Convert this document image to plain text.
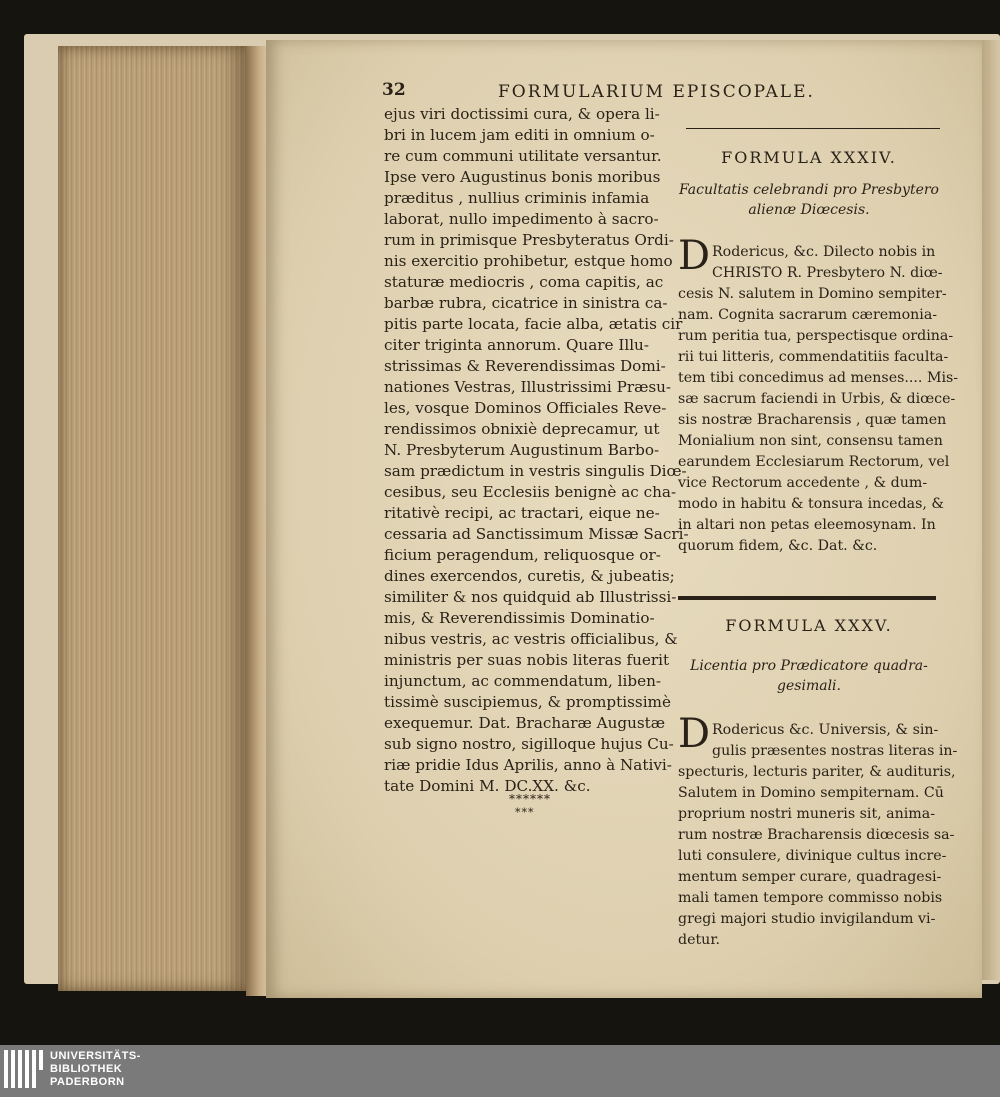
32	FORMULARIUM EPISCOPALE.
ejus viri doctissimi cura, & opera li-
bri in lucem jam editi in omnium o-
re cum communi utilitate versantur.
Ipse vero Augustinus bonis moribus
præditus , nullius criminis infamia
laborat, nullo impedimento à sacro-
rum in primisque Presbyteratus Ordi-
nis exercitio prohibetur, estque homo
staturæ mediocris , coma capitis, ac
barbæ rubra, cicatrice in sinistra ca-
pitis parte locata, facie alba, ætatis cir
citer triginta annorum. Quare Illu-
strissimas & Reverendissimas Domi-
nationes Vestras, Illustrissimi Præsu-
les, vosque Dominos Officiales Reve-
rendissimos obnixiè deprecamur, ut
N. Presbyterum Augustinum Barbo-
sam prædictum in vestris singulis Diœ-
cesibus, seu Ecclesiis benignè ac cha-
ritativè recipi, ac tractari, eique ne-
cessaria ad Sanctissimum Missæ Sacri-
ficium peragendum, reliquosque or-
dines exercendos, curetis, & jubeatis;
similiter & nos quidquid ab Illustrissi-
mis, & Reverendissimis Dominatio-
nibus vestris, ac vestris officialibus, &
ministris per suas nobis literas fuerit
injunctum, ac commendatum, liben-
tissimè suscipiemus, & promptissimè
exequemur. Dat. Bracharæ Augustæ
sub signo nostro, sigilloque hujus Cu-
riæ pridie Idus Aprilis, anno à Nativi-
tate Domini M. DC.XX. &c.
******
***
FORMULA XXXIV.
Facultatis celebrandi pro Presbytero
alienæ Diœcesis.
D Rodericus, &c. Dilecto nobis in
CHRISTO R. Presbytero N. diœ-
cesis N. salutem in Domino sempiter-
nam. Cognita sacrarum cæremonia-
rum peritia tua, perspectisque ordina-
rii tui litteris, commendatitiis faculta-
tem tibi concedimus ad menses.... Mis-
sæ sacrum faciendi in Urbis, & diœce-
sis nostræ Bracharensis , quæ tamen
Monialium non sint, consensu tamen
earundem Ecclesiarum Rectorum, vel
vice Rectorum accedente , & dum-
modo in habitu & tonsura incedas, &
in altari non petas eleemosynam. In
quorum fidem, &c. Dat. &c.
FORMULA XXXV.
Licentia pro Prædicatore quadra-
gesimali.
D Rodericus &c. Universis, & sin-
gulis præsentes nostras literas in-
specturis, lecturis pariter, & audituris,
Salutem in Domino sempiternam. Cū
proprium nostri muneris sit, anima-
rum nostræ Bracharensis diœcesis sa-
luti consulere, divinique cultus incre-
mentum semper curare, quadragesi-
mali tamen tempore commisso nobis
gregi majori studio invigilandum vi-
detur.
UNIVERSITÄTS-
BIBLIOTHEK
PADERBORN
